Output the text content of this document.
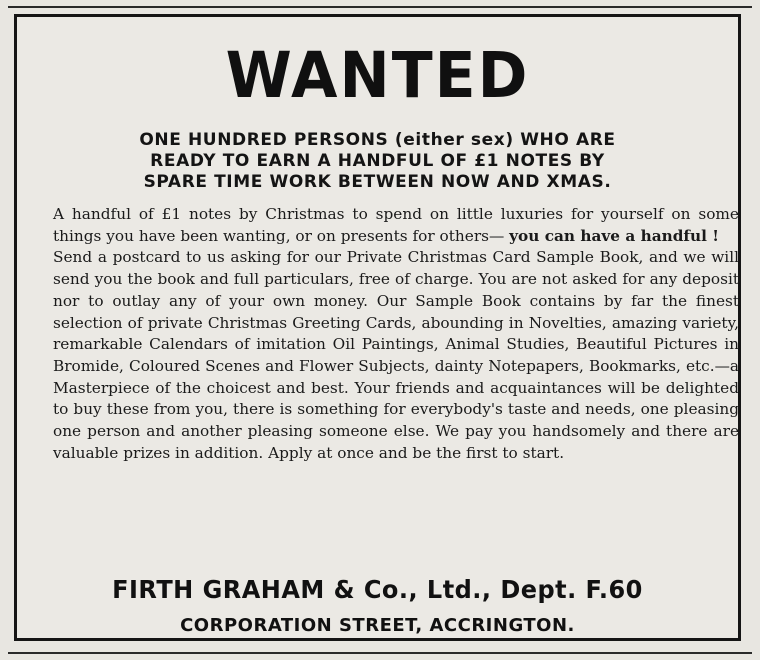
WANTED
ONE HUNDRED PERSONS (either sex) WHO ARE
READY TO EARN A HANDFUL OF £1 NOTES BY
SPARE TIME WORK BETWEEN NOW AND XMAS.

A handful of £1 notes by Christmas to spend on little luxuries for yourself on some things you have been wanting, or on presents for others— you can have a handful !

Send a postcard to us asking for our Private Christmas Card Sample Book, and we will send you the book and full particulars, free of charge. You are not asked for any deposit nor to outlay any of your own money. Our Sample Book contains by far the finest selection of private Christmas Greeting Cards, abounding in Novelties, amazing variety, remarkable Calendars of imitation Oil Paintings, Animal Studies, Beautiful Pictures in Bromide, Coloured Scenes and Flower Subjects, dainty Notepapers, Bookmarks, etc.—a Masterpiece of the choicest and best. Your friends and acquaintances will be delighted to buy these from you, there is something for everybody's taste and needs, one pleasing one person and another pleasing someone else. We pay you handsomely and there are valuable prizes in addition. Apply at once and be the first to start.

FIRTH GRAHAM & Co., Ltd., Dept. F.60
CORPORATION STREET, ACCRINGTON.
